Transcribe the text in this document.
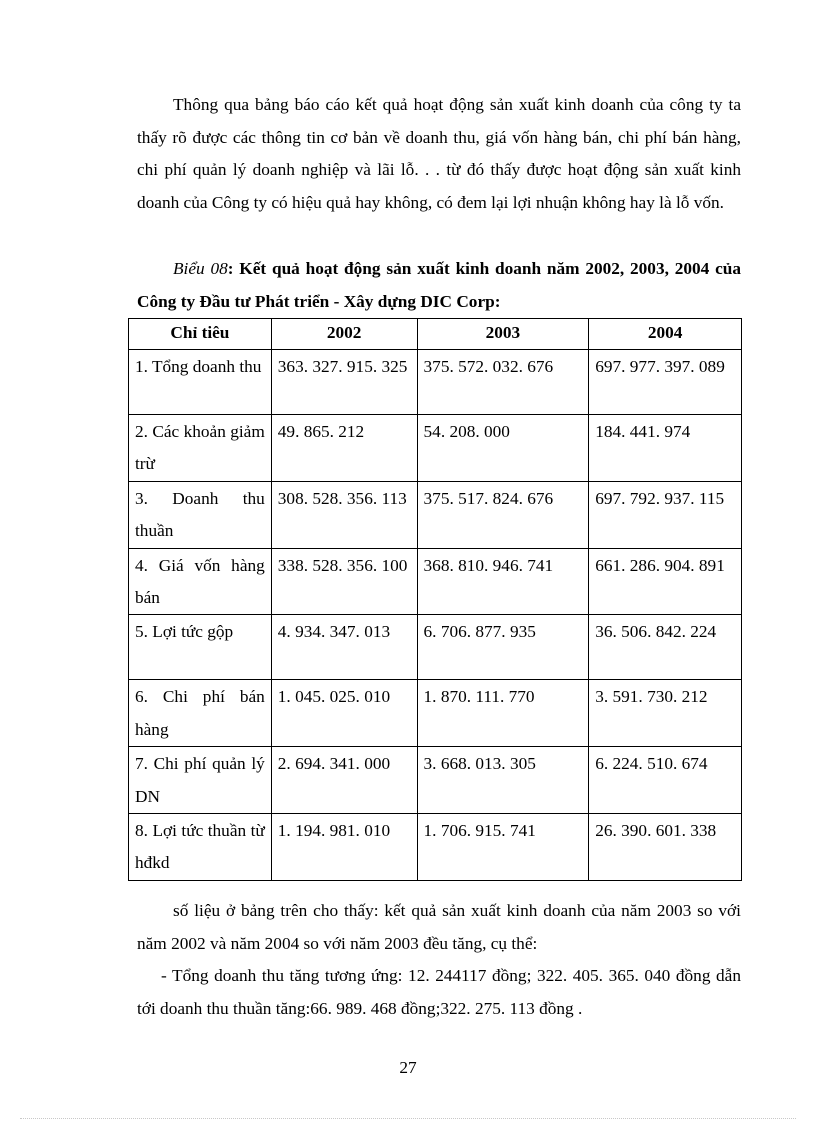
Thông qua bảng báo cáo kết quả hoạt động sản xuất kinh doanh của công ty ta thấy rõ được các thông tin cơ bản về doanh thu, giá vốn hàng bán, chi phí bán hàng, chi phí quản lý doanh nghiệp và lãi lỗ. . . từ đó thấy được hoạt động sản xuất kinh doanh của Công ty có hiệu quả hay không, có đem lại lợi nhuận không hay là lỗ vốn.

Biểu 08: Kết quả hoạt động sản xuất kinh doanh năm 2002, 2003, 2004 của Công ty Đầu tư Phát triển - Xây dựng DIC Corp:

Chỉ tiêu	2002	2003	2004
1. Tổng doanh thu	363. 327. 915. 325	375. 572. 032. 676	697. 977. 397. 089
2. Các khoản giảm trừ	49. 865. 212	54. 208. 000	184. 441. 974
3. Doanh thu thuần	308. 528. 356. 113	375. 517. 824. 676	697. 792. 937. 115
4. Giá vốn hàng bán	338. 528. 356. 100	368. 810. 946. 741	661. 286. 904. 891
5. Lợi tức gộp	4. 934. 347. 013	6. 706. 877. 935	36. 506. 842. 224
6. Chi phí bán hàng	1. 045. 025. 010	1. 870. 111. 770	3. 591. 730. 212
7. Chi phí quản lý DN	2. 694. 341. 000	3. 668. 013. 305	6. 224. 510. 674
8. Lợi tức thuần từ hđkd	1. 194. 981. 010	1. 706. 915. 741	26. 390. 601. 338

số liệu ở bảng trên cho thấy: kết quả sản xuất kinh doanh của năm 2003 so với năm 2002 và năm 2004 so với năm 2003 đều tăng, cụ thể:

- Tổng doanh thu tăng tương ứng: 12. 244117 đồng; 322. 405. 365. 040 đồng dẫn tới doanh thu thuần tăng:66. 989. 468 đồng;322. 275. 113 đồng .

27
